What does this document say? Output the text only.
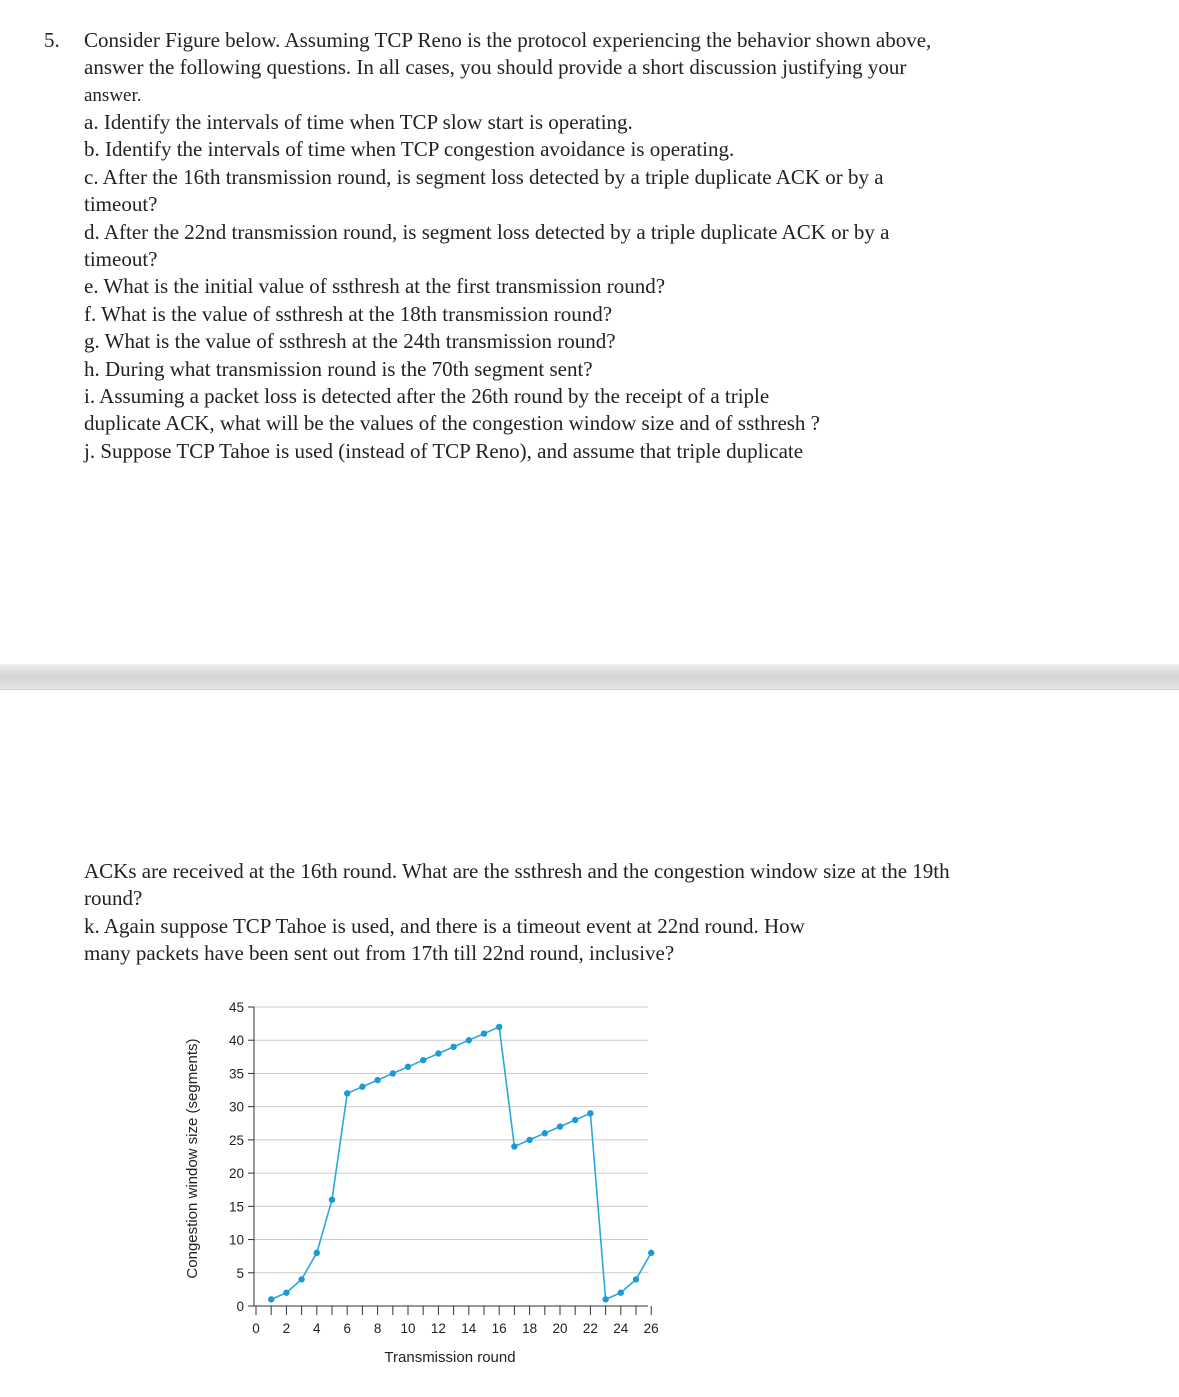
5. Consider Figure below. Assuming TCP Reno is the protocol experiencing the behavior shown above,
answer the following questions. In all cases, you should provide a short discussion justifying your
answer.
a. Identify the intervals of time when TCP slow start is operating.
b. Identify the intervals of time when TCP congestion avoidance is operating.
c. After the 16th transmission round, is segment loss detected by a triple duplicate ACK or by a
timeout?
d. After the 22nd transmission round, is segment loss detected by a triple duplicate ACK or by a
timeout?
e. What is the initial value of ssthresh at the first transmission round?
f. What is the value of ssthresh at the 18th transmission round?
g. What is the value of ssthresh at the 24th transmission round?
h. During what transmission round is the 70th segment sent?
i. Assuming a packet loss is detected after the 26th round by the receipt of a triple
duplicate ACK, what will be the values of the congestion window size and of ssthresh ?
j. Suppose TCP Tahoe is used (instead of TCP Reno), and assume that triple duplicate
ACKs are received at the 16th round. What are the ssthresh and the congestion window size at the 19th
round?
k. Again suppose TCP Tahoe is used, and there is a timeout event at 22nd round. How
many packets have been sent out from 17th till 22nd round, inclusive?
0
5
10
15
20
25
30
35
40
45
0 2 4 6 8 10 12 14 16 18 20 22 24 26
Transmission round
Congestion window size (segments)
